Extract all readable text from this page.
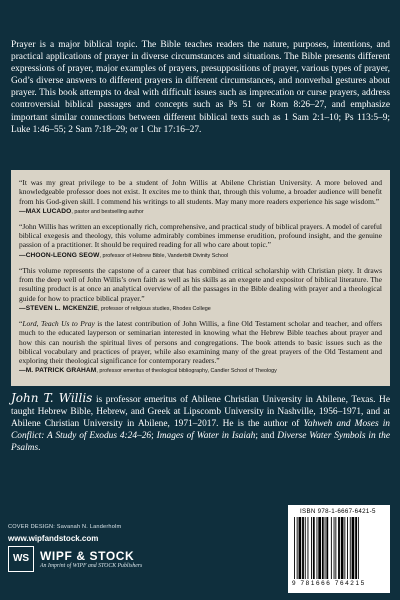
Prayer is a major biblical topic. The Bible teaches readers the nature, purposes, intentions, and practical applications of prayer in diverse circumstances and situations. The Bible presents different expressions of prayer, major examples of prayers, presuppositions of prayer, various types of prayer, God’s diverse answers to different prayers in different circumstances, and nonverbal gestures about prayer. This book attempts to deal with difficult issues such as imprecation or curse prayers, address controversial biblical passages and concepts such as Ps 51 or Rom 8:26–27, and emphasize important similar connections between different biblical texts such as 1 Sam 2:1–10; Ps 113:5–9; Luke 1:46–55; 2 Sam 7:18–29; or 1 Chr 17:16–27.

“It was my great privilege to be a student of John Willis at Abilene Christian University. A more beloved and knowledgeable professor does not exist. It excites me to think that, through this volume, a broader audience will benefit from his God-given skill. I commend his writings to all students. May many more readers experience his sage wisdom.”

—MAX LUCADO, pastor and bestselling author

“John Willis has written an exceptionally rich, comprehensive, and practical study of biblical prayers. A model of careful biblical exegesis and theology, this volume admirably combines immense erudition, profound insight, and the genuine passion of a practitioner. It should be required reading for all who care about topic.”

—CHOON-LEONG SEOW, professor of Hebrew Bible, Vanderbilt Divinity School

“This volume represents the capstone of a career that has combined critical scholarship with Christian piety. It draws from the deep well of John Willis’s own faith as well as his skills as an exegete and expositor of biblical literature. The resulting product is at once an analytical overview of all the passages in the Bible dealing with prayer and a theological guide for how to practice biblical prayer.”

—STEVEN L. MCKENZIE, professor of religious studies, Rhodes College

“Lord, Teach Us to Pray is the latest contribution of John Willis, a fine Old Testament scholar and teacher, and offers much to the educated layperson or seminarian interested in knowing what the Hebrew Bible teaches about prayer and how this can nourish the spiritual lives of persons and congregations. The book attends to basic issues such as the biblical vocabulary and practices of prayer, while also examining many of the great prayers of the Old Testament and exploring their theological significance for contemporary readers.”

—M. PATRICK GRAHAM, professor emeritus of theological bibliography, Candler School of Theology

John T. Willis is professor emeritus of Abilene Christian University in Abilene, Texas. He taught Hebrew Bible, Hebrew, and Greek at Lipscomb University in Nashville, 1956–1971, and at Abilene Christian University in Abilene, 1971–2017. He is the author of Yahweh and Moses in Conflict: A Study of Exodus 4:24–26; Images of Water in Isaiah; and Diverse Water Symbols in the Psalms.

COVER DESIGN: Savanah N. Landerholm
www.wipfandstock.com
WS WIPF & STOCK
An Imprint of WIPF and STOCK Publishers

ISBN 978-1-6667-6421-5

9 781666 764215
